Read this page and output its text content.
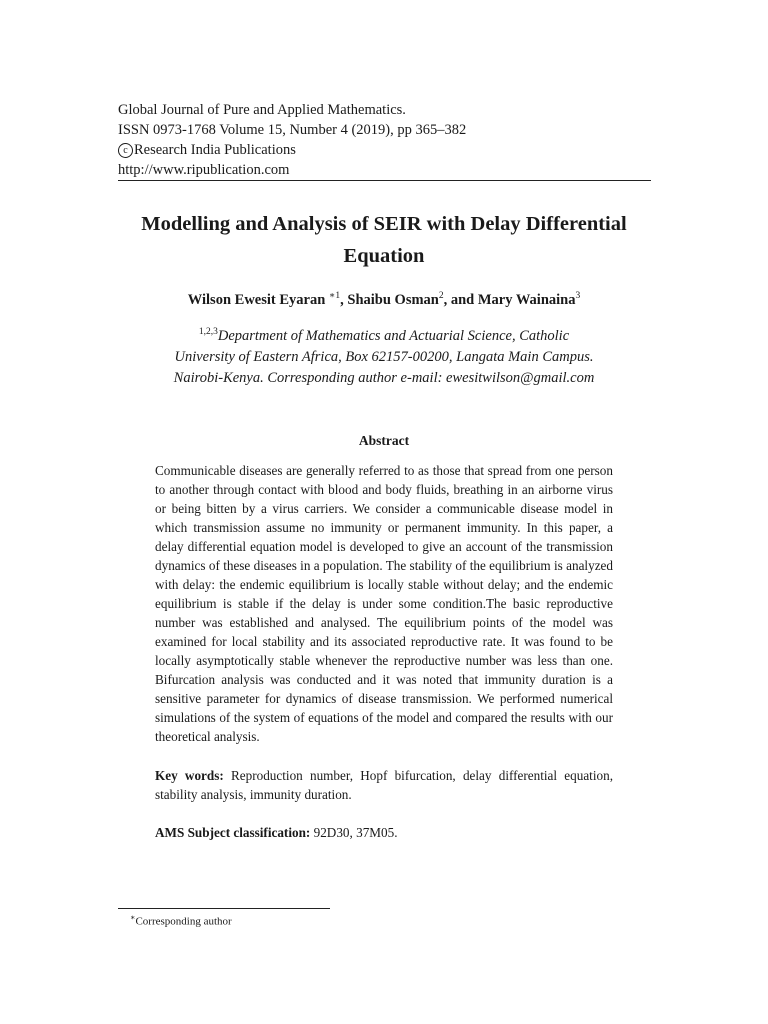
Global Journal of Pure and Applied Mathematics.
ISSN 0973-1768 Volume 15, Number 4 (2019), pp 365–382
c Research India Publications
http://www.ripublication.com
Modelling and Analysis of SEIR with Delay Differential
Equation
Wilson Ewesit Eyaran $^{∗1}$, Shaibu Osman$^2$, and Mary Wainaina$^3$
$^{1,2,3}$Department of Mathematics and Actuarial Science, Catholic
University of Eastern Africa, Box 62157-00200, Langata Main Campus.
Nairobi-Kenya. Corresponding author e-mail: ewesitwilson@gmail.com
Abstract
Communicable diseases are generally referred to as those that spread from one person to another through contact with blood and body fluids, breathing in an airborne virus or being bitten by a virus carriers. We consider a communicable disease model in which transmission assume no immunity or permanent immunity. In this paper, a delay differential equation model is developed to give an account of the transmission dynamics of these diseases in a population. The stability of the equilibrium is analyzed with delay: the endemic equilibrium is locally stable without delay; and the endemic equilibrium is stable if the delay is under some condition.The basic reproductive number was established and analysed. The equilibrium points of the model was examined for local stability and its associated reproductive rate. It was found to be locally asymptotically stable whenever the reproductive number was less than one. Bifurcation analysis was conducted and it was noted that immunity duration is a sensitive parameter for dynamics of disease transmission. We performed numerical simulations of the system of equations of the model and compared the results with our theoretical analysis.
Key words: Reproduction number, Hopf bifurcation, delay differential equation, stability analysis, immunity duration.
AMS Subject classification: 92D30, 37M05.
∗Corresponding author
